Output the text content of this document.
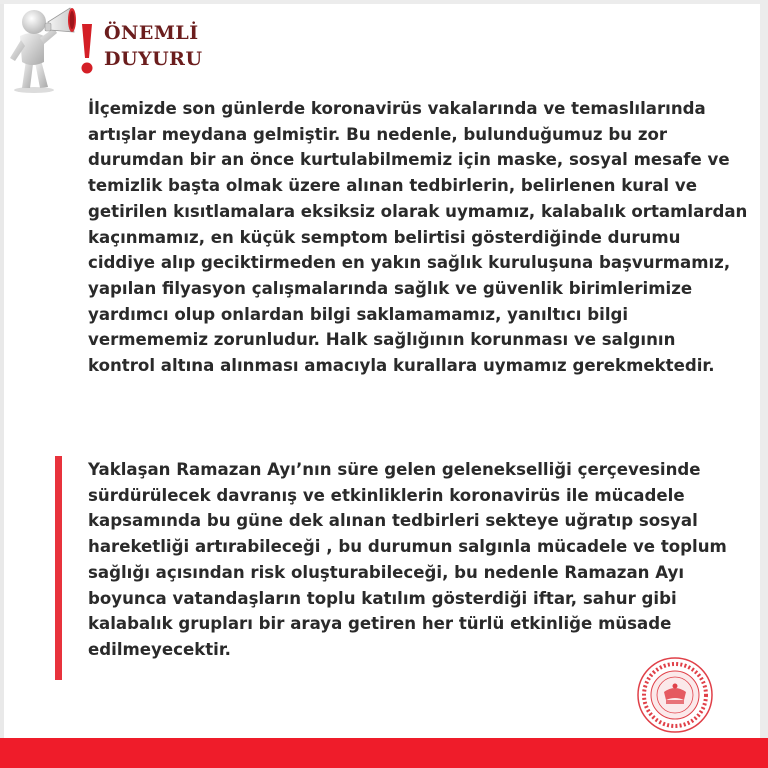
ÖNEMLİ
DUYURU

İlçemizde son günlerde koronavirüs vakalarında ve temaslılarında artışlar meydana gelmiştir. Bu nedenle, bulunduğumuz bu zor durumdan bir an önce kurtulabilmemiz için maske, sosyal mesafe ve temizlik başta olmak üzere alınan tedbirlerin, belirlenen kural ve getirilen kısıtlamalara eksiksiz olarak uymamız, kalabalık ortamlardan kaçınmamız, en küçük semptom belirtisi gösterdiğinde durumu ciddiye alıp geciktirmeden en yakın sağlık kuruluşuna başvurmamız, yapılan filyasyon çalışmalarında sağlık ve güvenlik birimlerimize yardımcı olup onlardan bilgi saklamamamız, yanıltıcı bilgi vermememiz zorunludur. Halk sağlığının korunması ve salgının kontrol altına alınması amacıyla kurallara uymamız gerekmektedir.

Yaklaşan Ramazan Ayı’nın süre gelen gelenekselliği çerçevesinde sürdürülecek davranış ve etkinliklerin koronavirüs ile mücadele kapsamında bu güne dek alınan tedbirleri sekteye uğratıp sosyal hareketliği artırabileceği , bu durumun salgınla mücadele ve toplum sağlığı açısından risk oluşturabileceği, bu nedenle Ramazan Ayı boyunca vatandaşların toplu katılım gösterdiği iftar, sahur gibi kalabalık grupları bir araya getiren her türlü etkinliğe müsade edilmeyecektir.
